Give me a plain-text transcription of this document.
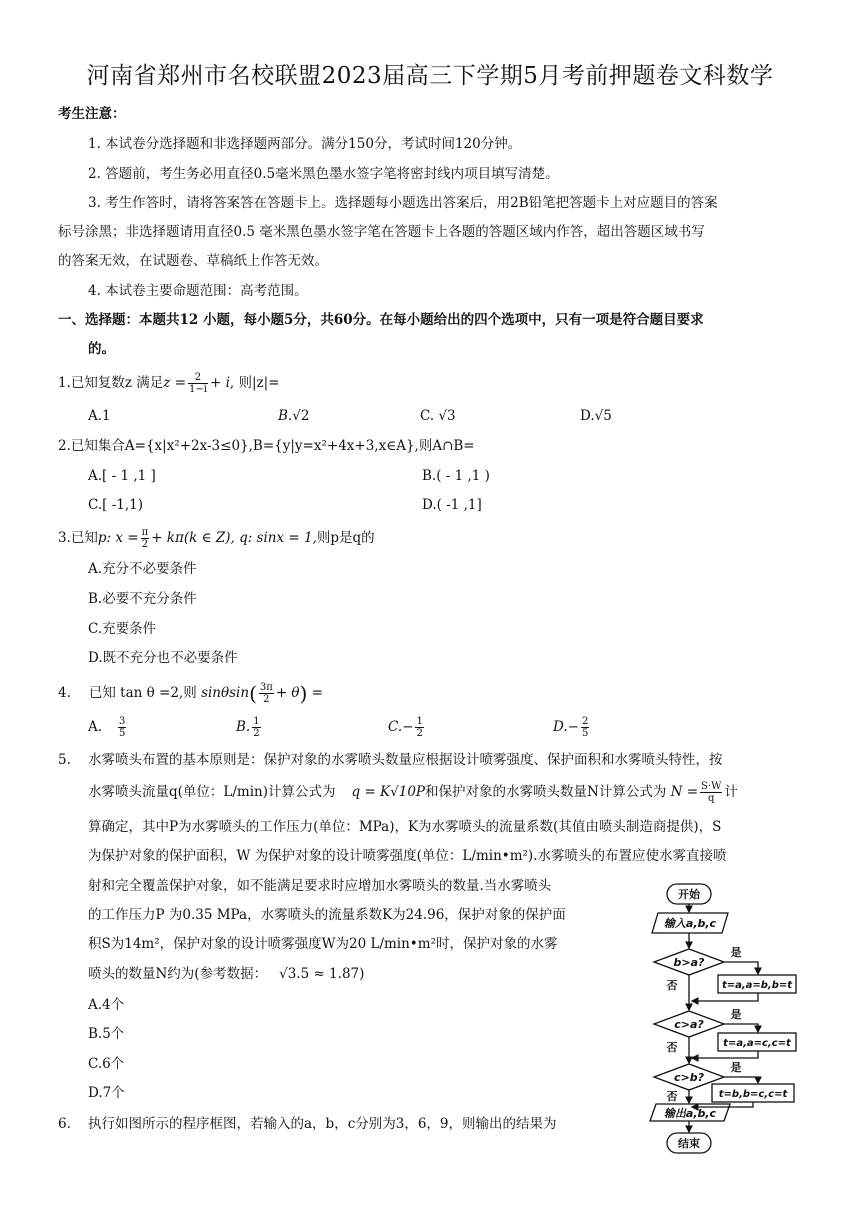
河南省郑州市名校联盟2023届高三下学期5月考前押题卷文科数学
考生注意：
1. 本试卷分选择题和非选择题两部分。满分150分，考试时间120分钟。
2. 答题前，考生务必用直径0.5毫米黑色墨水签字笔将密封线内项目填写清楚。
3. 考生作答时，请将答案答在答题卡上。选择题每小题选出答案后，用2B铅笔把答题卡上对应题目的答案
标号涂黑；非选择题请用直径0.5 毫米黑色墨水签字笔在答题卡上各题的答题区域内作答，超出答题区域书写
的答案无效，在试题卷、草稿纸上作答无效。
4. 本试卷主要命题范围：高考范围。
一、选择题：本题共12 小题，每小题5分，共60分。在每小题给出的四个选项中，只有一项是符合题目要求
的。
1.已知复数z 满足$z = \frac{2}{1-i} + i$, 则|z|=
A.1	B.√2	C. √3	D.√5
2.已知集合A={x|x²+2x-3≤0},B={y|y=x²+4x+3,x∈A},则A∩B=
A.[ - 1 ,1 ]	B.( - 1 ,1 )
C.[ -1,1)	D.( -1 ,1]
3.已知p: $x = \frac{\pi}{2} + k\pi(k$ ∈ Z), q: sinx = 1,则p是q的
A.充分不必要条件
B.必要不充分条件
C.充要条件
D.既不充分也不必要条件
4. 已知 tan θ =2,则 $\sin\theta\sin( \frac{3\pi}{2} + \theta)$ =
A. $\frac{3}{5}$	B. $\frac{1}{2}$	$C.- \frac{1}{2}$	$D.- \frac{2}{5}$
5. 水雾喷头布置的基本原则是：保护对象的水雾喷头数量应根据设计喷雾强度、保护面积和水雾喷头特性，按
水雾喷头流量q(单位：L/min)计算公式为 q = K√10P和保护对象的水雾喷头数量N计算公式为 $N = \frac{S\cdot W}{q}$ 计
算确定，其中P为水雾喷头的工作压力(单位：MPa)，K为水雾喷头的流量系数(其值由喷头制造商提供)，S
为保护对象的保护面积，W 为保护对象的设计喷雾强度(单位：L/min•m²).水雾喷头的布置应使水雾直接喷
射和完全覆盖保护对象，如不能满足要求时应增加水雾喷头的数量.当水雾喷头
的工作压力P 为0.35 MPa，水雾喷头的流量系数K为24.96，保护对象的保护面
积S为14m²，保护对象的设计喷雾强度W为20 L/min•m²时，保护对象的水雾
喷头的数量N约为(参考数据： √3.5 ≈ 1.87)
A.4个
B.5个
C.6个
D.7个
6. 执行如图所示的程序框图，若输入的a，b，c分别为3，6，9，则输出的结果为
开始
输入a,b,c
b>a?
是
t=a,a=b,b=t
否
c>a?
是
t=a,a=c,c=t
否
c>b?
是
t=b,b=c,c=t
否
输出a,b,c
结束
